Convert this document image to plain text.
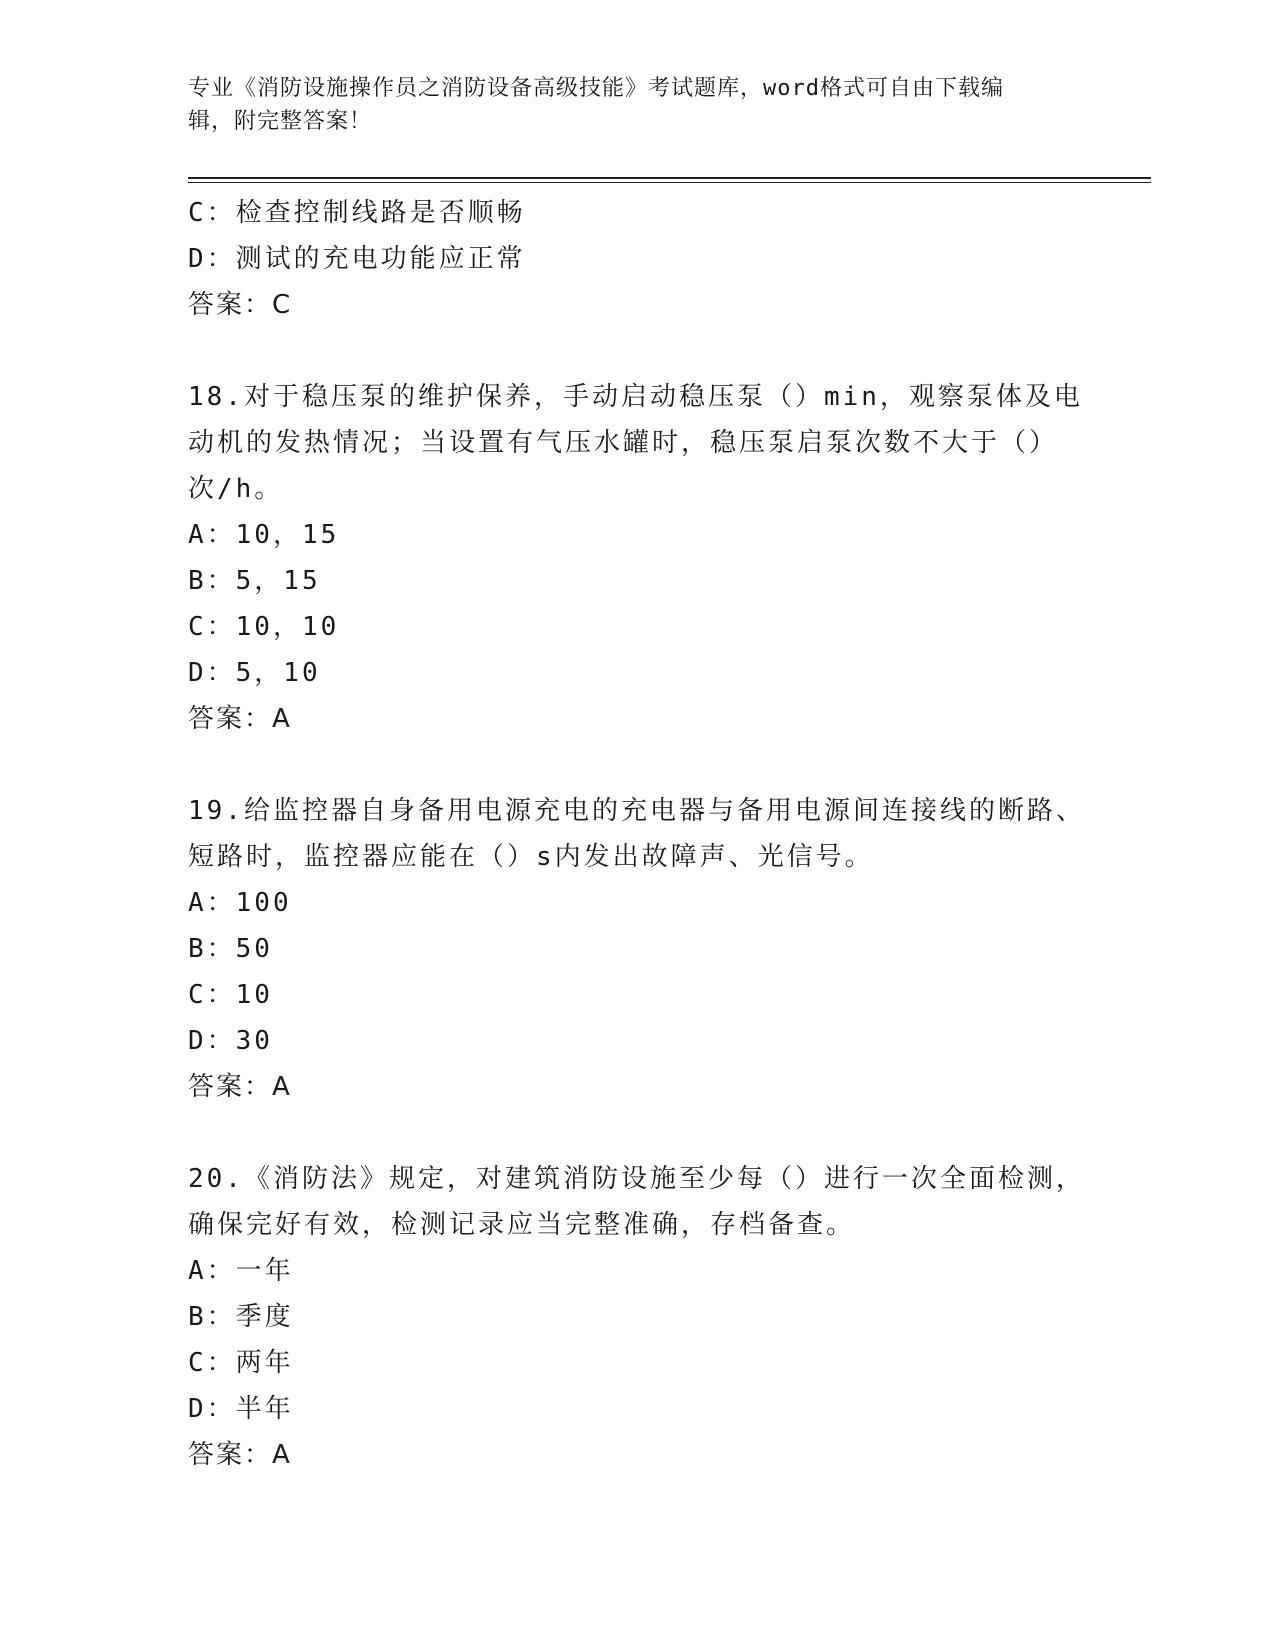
专业《消防设施操作员之消防设备高级技能》考试题库，word格式可自由下载编
辑，附完整答案！
C：检查控制线路是否顺畅
D：测试的充电功能应正常
答案：C
18.对于稳压泵的维护保养，手动启动稳压泵（）min，观察泵体及电
动机的发热情况；当设置有气压水罐时，稳压泵启泵次数不大于（）
次/h。
A：10，15
B：5，15
C：10，10
D：5，10
答案：A
19.给监控器自身备用电源充电的充电器与备用电源间连接线的断路、
短路时，监控器应能在（）s内发出故障声、光信号。
A：100
B：50
C：10
D：30
答案：A
20.《消防法》规定，对建筑消防设施至少每（）进行一次全面检测，
确保完好有效，检测记录应当完整准确，存档备查。
A：一年
B：季度
C：两年
D：半年
答案：A
